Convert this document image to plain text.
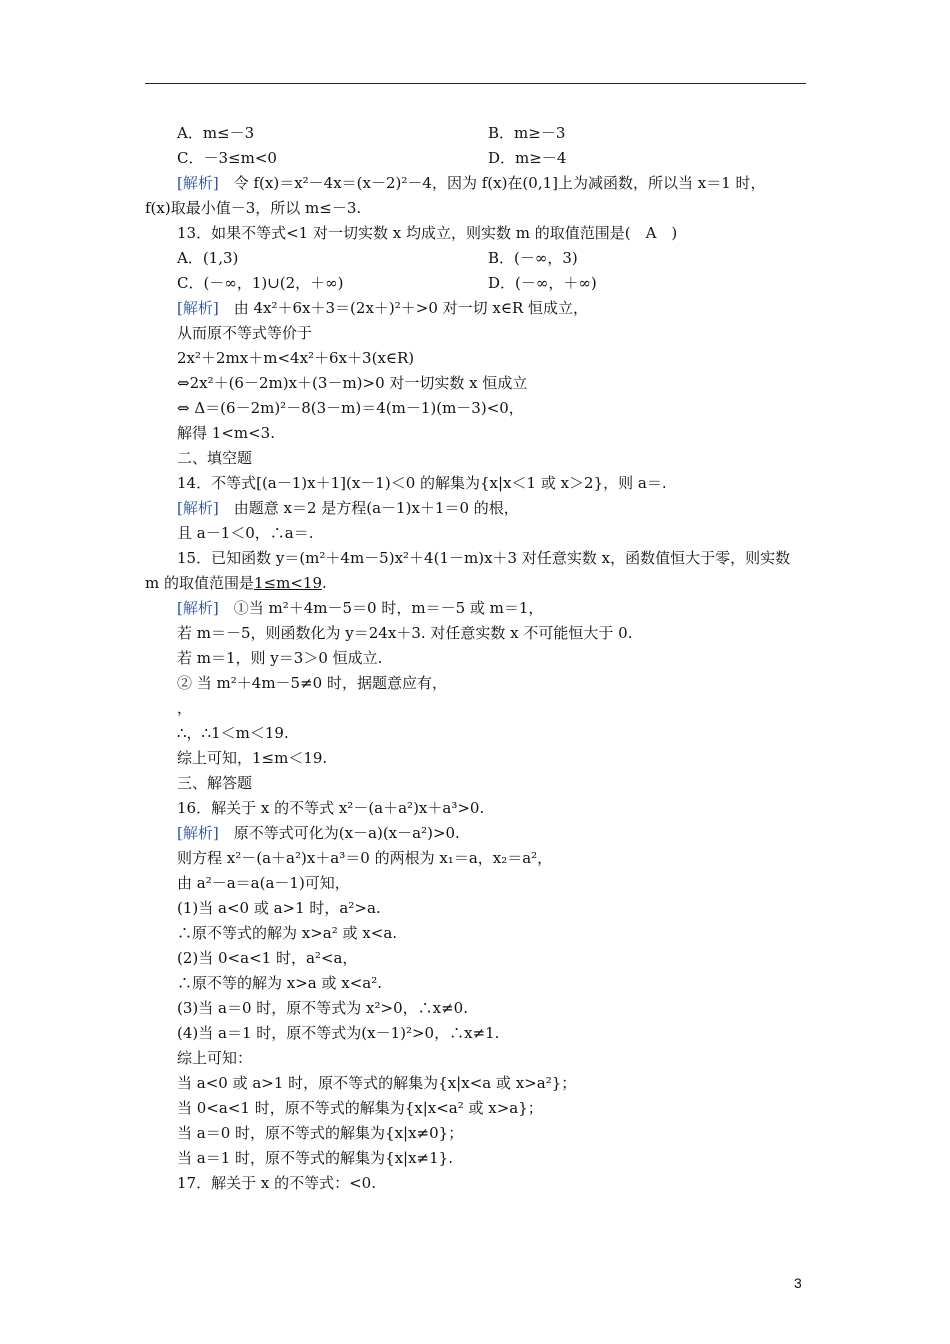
A．m≤－3	B．m≥－3
C．－3≤m<0	D．m≥－4
[解析]　令 f(x)＝x²－4x＝(x－2)²－4，因为 f(x)在(0,1]上为减函数，所以当 x＝1 时，
f(x)取最小值－3，所以 m≤－3.
13．如果不等式<1 对一切实数 x 均成立，则实数 m 的取值范围是(　A　)
A．(1,3)	B．(－∞，3)
C．(－∞，1)∪(2，＋∞)	D．(－∞，＋∞)
[解析]　由 4x²＋6x＋3＝(2x＋)²＋>0 对一切 x∈R 恒成立，
从而原不等式等价于
2x²＋2mx＋m<4x²＋6x＋3(x∈R)
⇔2x²＋(6－2m)x＋(3－m)>0 对一切实数 x 恒成立
⇔ Δ＝(6－2m)²－8(3－m)＝4(m－1)(m－3)<0，
解得 1<m<3.
二、填空题
14．不等式[(a－1)x＋1](x－1)＜0 的解集为{x|x＜1 或 x＞2}，则 a＝.
[解析]　由题意 x＝2 是方程(a－1)x＋1＝0 的根，
且 a－1＜0，∴a＝.
15．已知函数 y＝(m²＋4m－5)x²＋4(1－m)x＋3 对任意实数 x，函数值恒大于零，则实数
m 的取值范围是1≤m<19.
[解析]　①当 m²＋4m－5＝0 时，m＝－5 或 m＝1，
若 m＝－5，则函数化为 y＝24x＋3. 对任意实数 x 不可能恒大于 0.
若 m＝1，则 y＝3＞0 恒成立.
② 当 m²＋4m－5≠0 时，据题意应有，
，
∴，∴1＜m＜19.
综上可知，1≤m＜19.
三、解答题
16．解关于 x 的不等式 x²－(a＋a²)x＋a³>0.
[解析]　原不等式可化为(x－a)(x－a²)>0.
则方程 x²－(a＋a²)x＋a³＝0 的两根为 x₁＝a，x₂＝a²，
由 a²－a＝a(a－1)可知，
(1)当 a<0 或 a>1 时，a²>a.
∴原不等式的解为 x>a² 或 x<a.
(2)当 0<a<1 时，a²<a，
∴原不等的解为 x>a 或 x<a².
(3)当 a＝0 时，原不等式为 x²>0，∴x≠0.
(4)当 a＝1 时，原不等式为(x－1)²>0，∴x≠1.
综上可知：
当 a<0 或 a>1 时，原不等式的解集为{x|x<a 或 x>a²}；
当 0<a<1 时，原不等式的解集为{x|x<a² 或 x>a}；
当 a＝0 时，原不等式的解集为{x|x≠0}；
当 a＝1 时，原不等式的解集为{x|x≠1}.
17．解关于 x 的不等式：<0.
3
